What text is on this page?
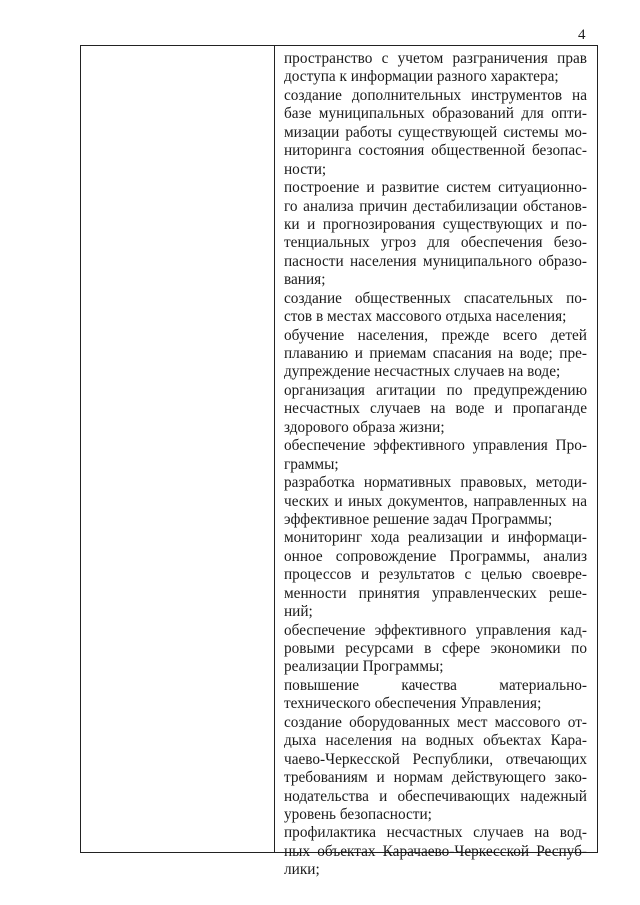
4
пространство с учетом разграничения прав
доступа к информации разного характера;
создание дополнительных инструментов на
базе муниципальных образований для опти-
мизации работы существующей системы мо-
ниторинга состояния общественной безопас-
ности;
построение и развитие систем ситуационно-
го анализа причин дестабилизации обстанов-
ки и прогнозирования существующих и по-
тенциальных угроз для обеспечения безо-
пасности населения муниципального образо-
вания;
создание общественных спасательных по-
стов в местах массового отдыха населения;
обучение населения, прежде всего детей
плаванию и приемам спасания на воде; пре-
дупреждение несчастных случаев на воде;
организация агитации по предупреждению
несчастных случаев на воде и пропаганде
здорового образа жизни;
обеспечение эффективного управления Про-
граммы;
разработка нормативных правовых, методи-
ческих и иных документов, направленных на
эффективное решение задач Программы;
мониторинг хода реализации и информаци-
онное сопровождение Программы, анализ
процессов и результатов с целью своевре-
менности принятия управленческих реше-
ний;
обеспечение эффективного управления кад-
ровыми ресурсами в сфере экономики по
реализации Программы;
повышение качества материально-
технического обеспечения Управления;
создание оборудованных мест массового от-
дыха населения на водных объектах Кара-
чаево-Черкесской Республики, отвечающих
требованиям и нормам действующего зако-
нодательства и обеспечивающих надежный
уровень безопасности;
профилактика несчастных случаев на вод-
ных объектах Карачаево-Черкесской Респуб-
лики;
